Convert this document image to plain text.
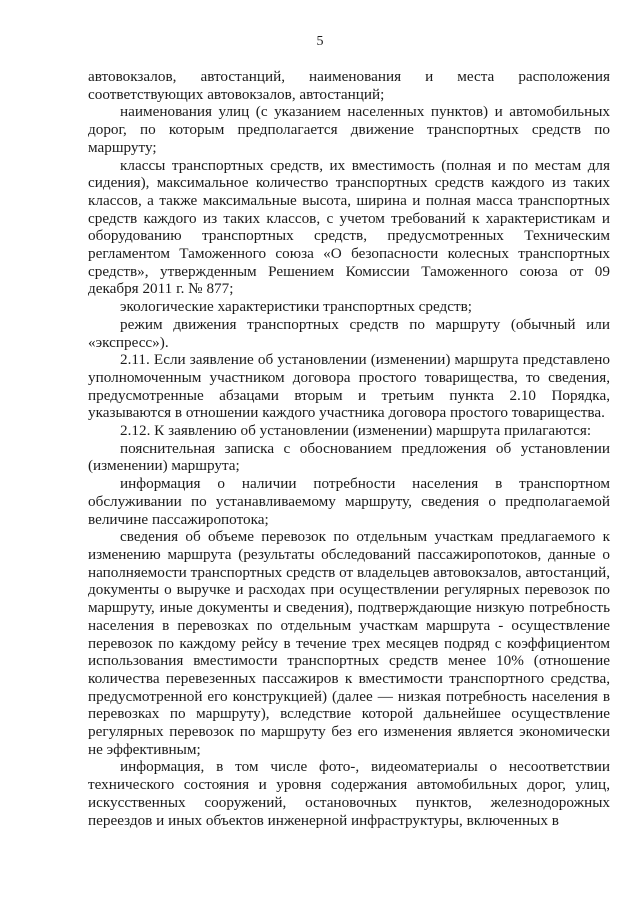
5

автовокзалов, автостанций, наименования и места расположения соответствующих автовокзалов, автостанций;

наименования улиц (с указанием населенных пунктов) и автомобильных дорог, по которым предполагается движение транспортных средств по маршруту;

классы транспортных средств, их вместимость (полная и по местам для сидения), максимальное количество транспортных средств каждого из таких классов, а также максимальные высота, ширина и полная масса транспортных средств каждого из таких классов, с учетом требований к характеристикам и оборудованию транспортных средств, предусмотренных Техническим регламентом Таможенного союза «О безопасности колесных транспортных средств», утвержденным Решением Комиссии Таможенного союза от 09 декабря 2011 г. № 877;

экологические характеристики транспортных средств;

режим движения транспортных средств по маршруту (обычный или «экспресс»).

2.11. Если заявление об установлении (изменении) маршрута представлено уполномоченным участником договора простого товарищества, то сведения, предусмотренные абзацами вторым и третьим пункта 2.10 Порядка, указываются в отношении каждого участника договора простого товарищества.

2.12. К заявлению об установлении (изменении) маршрута прилагаются:

пояснительная записка с обоснованием предложения об установлении (изменении) маршрута;

информация о наличии потребности населения в транспортном обслуживании по устанавливаемому маршруту, сведения о предполагаемой величине пассажиропотока;

сведения об объеме перевозок по отдельным участкам предлагаемого к изменению маршрута (результаты обследований пассажиропотоков, данные о наполняемости транспортных средств от владельцев автовокзалов, автостанций, документы о выручке и расходах при осуществлении регулярных перевозок по маршруту, иные документы и сведения), подтверждающие низкую потребность населения в перевозках по отдельным участкам маршрута - осуществление перевозок по каждому рейсу в течение трех месяцев подряд с коэффициентом использования вместимости транспортных средств менее 10% (отношение количества перевезенных пассажиров к вместимости транспортного средства, предусмотренной его конструкцией) (далее — низкая потребность населения в перевозках по маршруту), вследствие которой дальнейшее осуществление регулярных перевозок по маршруту без его изменения является экономически не эффективным;

информация, в том числе фото-, видеоматериалы о несоответствии технического состояния и уровня содержания автомобильных дорог, улиц, искусственных сооружений, остановочных пунктов, железнодорожных переездов и иных объектов инженерной инфраструктуры, включенных в
